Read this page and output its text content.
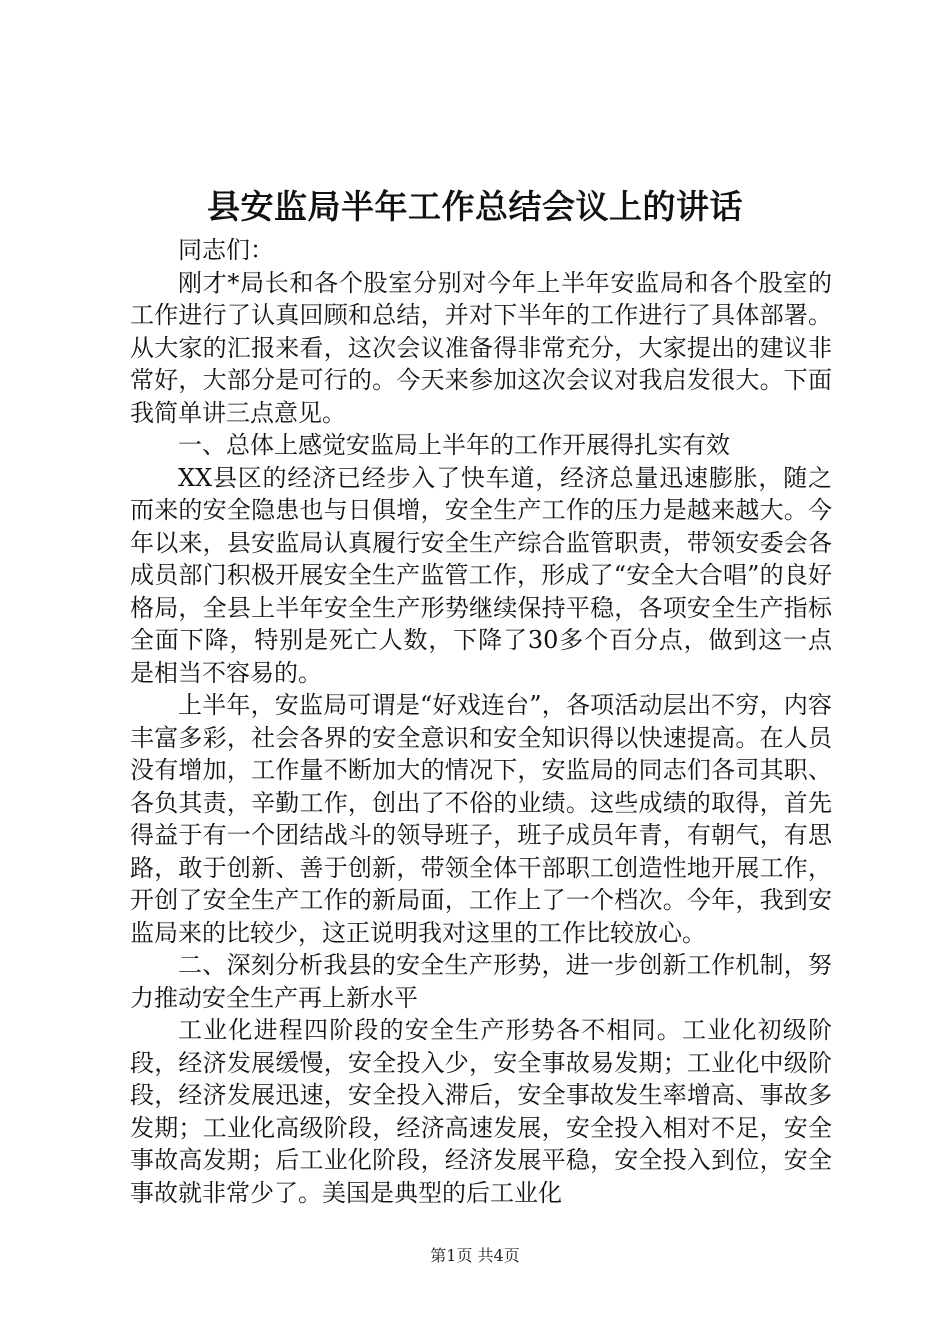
县安监局半年工作总结会议上的讲话

同志们：

刚才*局长和各个股室分别对今年上半年安监局和各个股室的工作进行了认真回顾和总结，并对下半年的工作进行了具体部署。从大家的汇报来看，这次会议准备得非常充分，大家提出的建议非常好，大部分是可行的。今天来参加这次会议对我启发很大。下面我简单讲三点意见。

一、总体上感觉安监局上半年的工作开展得扎实有效

XX县区的经济已经步入了快车道，经济总量迅速膨胀，随之而来的安全隐患也与日俱增，安全生产工作的压力是越来越大。今年以来，县安监局认真履行安全生产综合监管职责，带领安委会各成员部门积极开展安全生产监管工作，形成了“安全大合唱”的良好格局，全县上半年安全生产形势继续保持平稳，各项安全生产指标全面下降，特别是死亡人数，下降了30多个百分点，做到这一点是相当不容易的。

上半年，安监局可谓是“好戏连台”，各项活动层出不穷，内容丰富多彩，社会各界的安全意识和安全知识得以快速提高。在人员没有增加，工作量不断加大的情况下，安监局的同志们各司其职、各负其责，辛勤工作，创出了不俗的业绩。这些成绩的取得，首先得益于有一个团结战斗的领导班子，班子成员年青，有朝气，有思路，敢于创新、善于创新，带领全体干部职工创造性地开展工作，开创了安全生产工作的新局面，工作上了一个档次。今年，我到安监局来的比较少，这正说明我对这里的工作比较放心。

二、深刻分析我县的安全生产形势，进一步创新工作机制，努力推动安全生产再上新水平

工业化进程四阶段的安全生产形势各不相同。工业化初级阶段，经济发展缓慢，安全投入少，安全事故易发期；工业化中级阶段，经济发展迅速，安全投入滞后，安全事故发生率增高、事故多发期；工业化高级阶段，经济高速发展，安全投入相对不足，安全事故高发期；后工业化阶段，经济发展平稳，安全投入到位，安全事故就非常少了。美国是典型的后工业化

第1页 共4页
